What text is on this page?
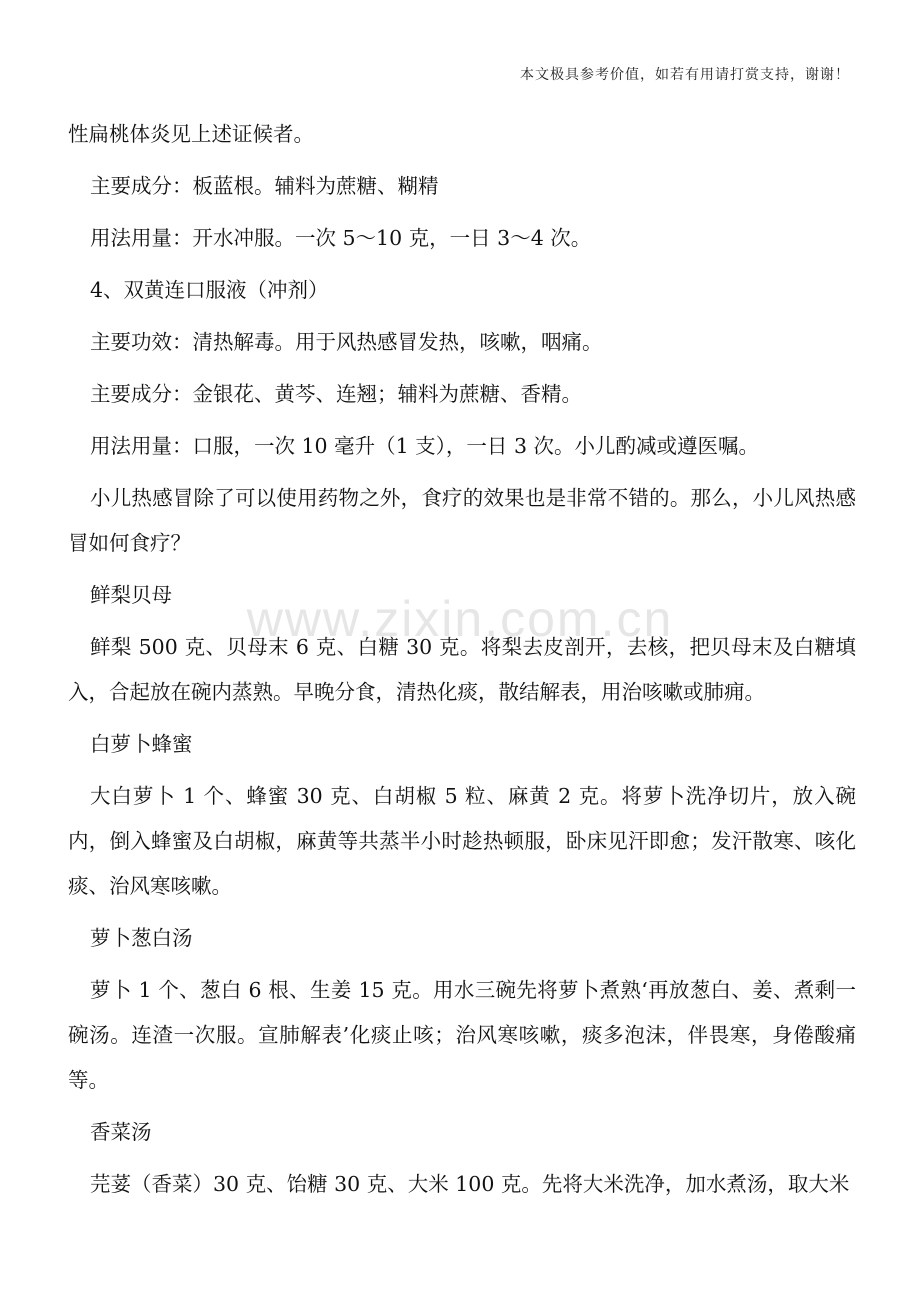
本文极具参考价值，如若有用请打赏支持，谢谢！
www.zixin.com.cn

性扁桃体炎见上述证候者。

主要成分：板蓝根。辅料为蔗糖、糊精

用法用量：开水冲服。一次 5～10 克，一日 3～4 次。

4、双黄连口服液（冲剂）

主要功效：清热解毒。用于风热感冒发热，咳嗽，咽痛。

主要成分：金银花、黄芩、连翘；辅料为蔗糖、香精。

用法用量：口服，一次 10 毫升（1 支），一日 3 次。小儿酌减或遵医嘱。

小儿热感冒除了可以使用药物之外，食疗的效果也是非常不错的。那么，小儿风热感冒如何食疗？

鲜梨贝母

鲜梨 500 克、贝母末 6 克、白糖 30 克。将梨去皮剖开，去核，把贝母末及白糖填入，合起放在碗内蒸熟。早晚分食，清热化痰，散结解表，用治咳嗽或肺痈。

白萝卜蜂蜜

大白萝卜 1 个、蜂蜜 30 克、白胡椒 5 粒、麻黄 2 克。将萝卜洗净切片，放入碗内，倒入蜂蜜及白胡椒，麻黄等共蒸半小时趁热顿服，卧床见汗即愈；发汗散寒、咳化痰、治风寒咳嗽。

萝卜葱白汤

萝卜 1 个、葱白 6 根、生姜 15 克。用水三碗先将萝卜煮熟‘再放葱白、姜、煮剩一碗汤。连渣一次服。宣肺解表’化痰止咳；治风寒咳嗽，痰多泡沫，伴畏寒，身倦酸痛等。

香菜汤

芫荽（香菜）30 克、饴糖 30 克、大米 100 克。先将大米洗净，加水煮汤，取大米
